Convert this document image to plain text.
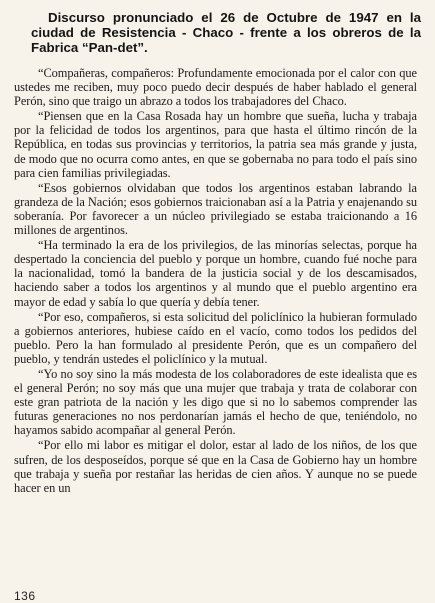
Discurso pronunciado el 26 de Octubre de 1947 en la ciudad de Resistencia - Chaco - frente a los obreros de la Fabrica “Pan-det”.

“Compañeras, compañeros: Profundamente emocionada por el calor con que ustedes me reciben, muy poco puedo decir después de haber hablado el general Perón, sino que traigo un abrazo a todos los trabajadores del Chaco.

“Piensen que en la Casa Rosada hay un hombre que sueña, lucha y trabaja por la felicidad de todos los argentinos, para que hasta el último rincón de la República, en todas sus provincias y territorios, la patria sea más grande y justa, de modo que no ocurra como antes, en que se gobernaba no para todo el país sino para cien familias privilegiadas.

“Esos gobiernos olvidaban que todos los argentinos estaban labrando la grandeza de la Nación; esos gobiernos traicionaban así a la Patria y enajenando su soberanía. Por favorecer a un núcleo privilegiado se estaba traicionando a 16 millones de argentinos.

“Ha terminado la era de los privilegios, de las minorías selectas, porque ha despertado la conciencia del pueblo y porque un hombre, cuando fué noche para la nacionalidad, tomó la bandera de la justicia social y de los descamisados, haciendo saber a todos los argentinos y al mundo que el pueblo argentino era mayor de edad y sabía lo que quería y debía tener.

“Por eso, compañeros, si esta solicitud del policlínico la hubieran formulado a gobiernos anteriores, hubiese caído en el vacío, como todos los pedidos del pueblo. Pero la han formulado al presidente Perón, que es un compañero del pueblo, y tendrán ustedes el policlínico y la mutual.

“Yo no soy sino la más modesta de los colaboradores de este idealista que es el general Perón; no soy más que una mujer que trabaja y trata de colaborar con este gran patriota de la nación y les digo que si no lo sabemos comprender las futuras generaciones no nos perdonarían jamás el hecho de que, teniéndolo, no hayamos sabido acompañar al general Perón.

“Por ello mi labor es mitigar el dolor, estar al lado de los niños, de los que sufren, de los desposeídos, porque sé que en la Casa de Gobierno hay un hombre que trabaja y sueña por restañar las heridas de cien años. Y aunque no se puede hacer en un

136
